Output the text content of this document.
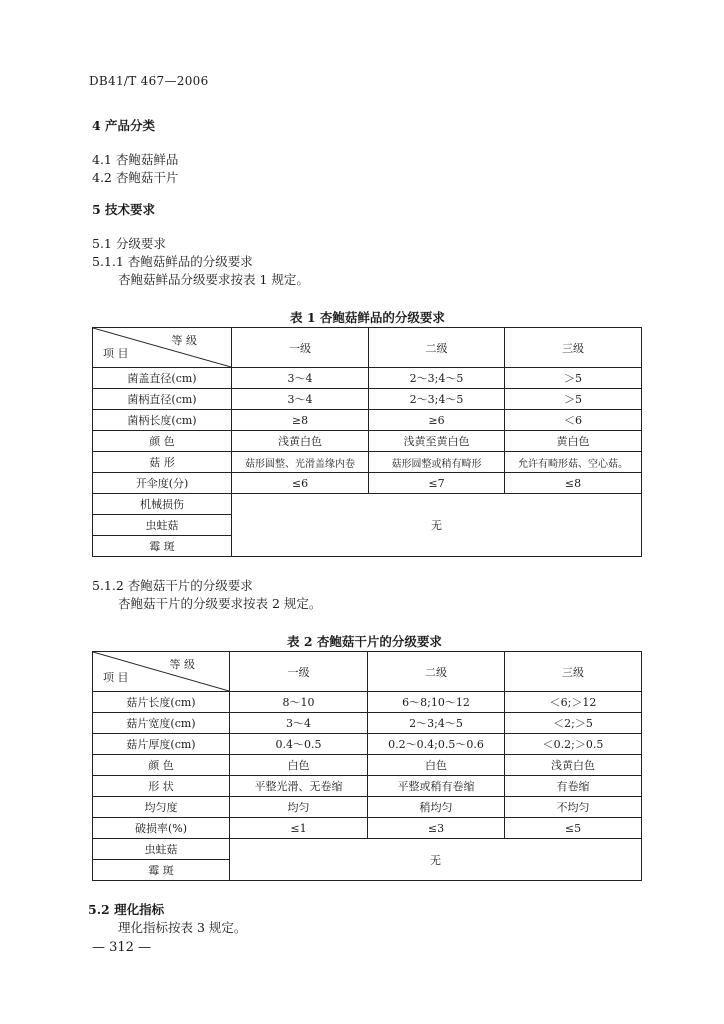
DB41/T 467—2006
4 产品分类
4.1 杏鲍菇鲜品
4.2 杏鲍菇干片
5 技术要求
5.1 分级要求
5.1.1 杏鲍菇鲜品的分级要求
杏鲍菇鲜品分级要求按表 1 规定。
表 1 杏鲍菇鲜品的分级要求
等 级
项 目	一级	二级	三级
菌盖直径(cm)	3～4	2～3;4～5	＞5
菌柄直径(cm)	3～4	2～3;4～5	＞5
菌柄长度(cm)	≥8	≥6	＜6
颜 色	浅黄白色	浅黄至黄白色	黄白色
菇 形	菇形圆整、光滑盖缘内卷	菇形圆整或稍有畸形	允许有畸形菇、空心菇。
开伞度(分)	≤6	≤7	≤8
机械损伤	无		
虫蛀菇			
霉 斑			
5.1.2 杏鲍菇干片的分级要求
杏鲍菇干片的分级要求按表 2 规定。
表 2 杏鲍菇干片的分级要求
等 级
项 目	一级	二级	三级
菇片长度(cm)	8～10	6～8;10～12	＜6;＞12
菇片宽度(cm)	3～4	2～3;4～5	＜2;＞5
菇片厚度(cm)	0.4～0.5	0.2～0.4;0.5～0.6	＜0.2;＞0.5
颜 色	白色	白色	浅黄白色
形 状	平整光滑、无卷缩	平整或稍有卷缩	有卷缩
均匀度	均匀	稍均匀	不均匀
破损率(%)	≤1	≤3	≤5
虫蛀菇	无		
霉 斑			
5.2 理化指标
理化指标按表 3 规定。
— 312 —
